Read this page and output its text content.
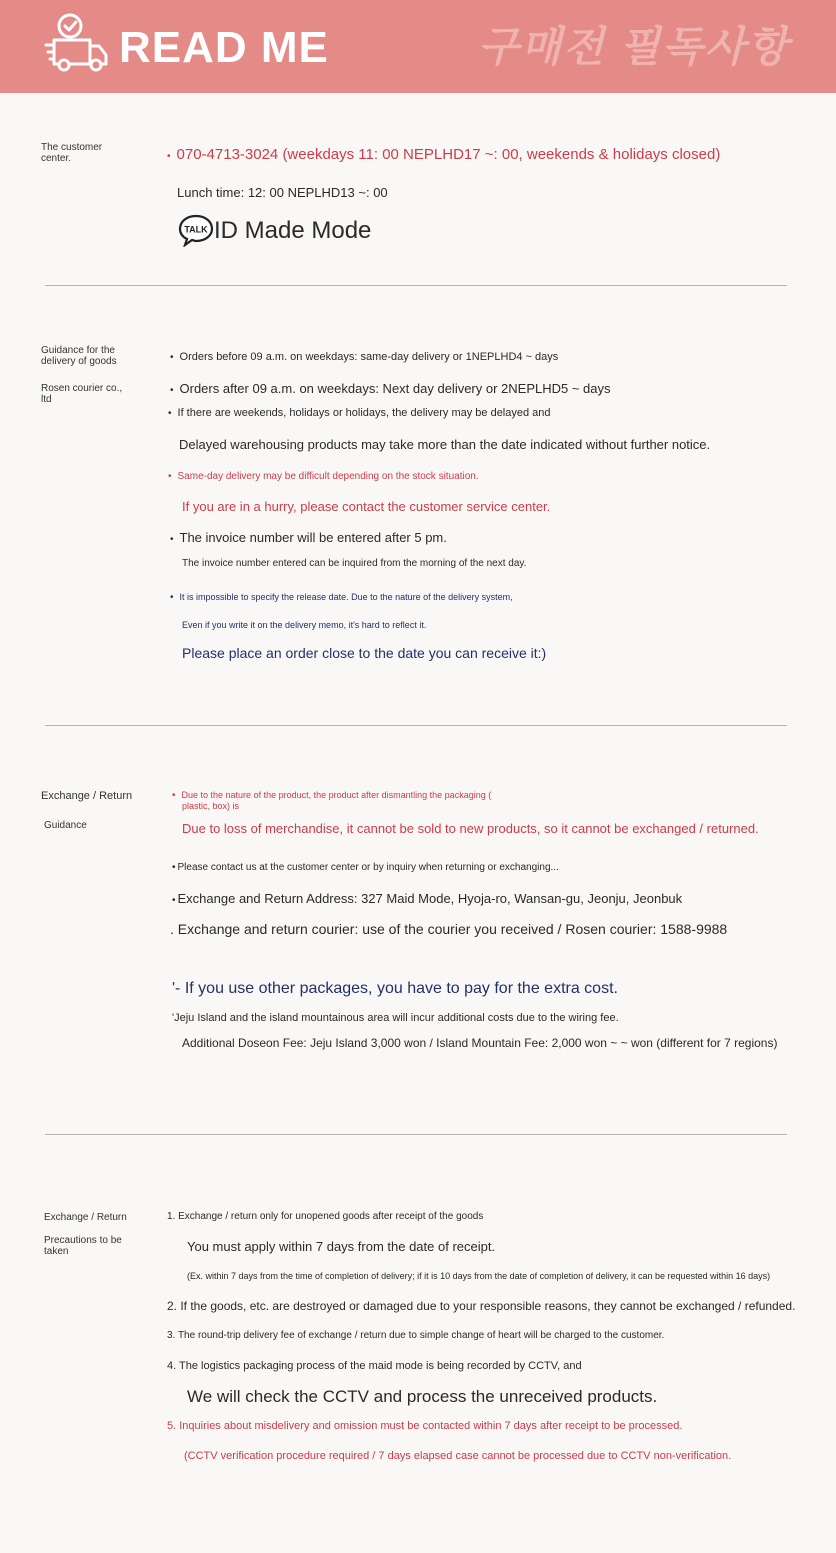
READ ME	구매전 필독사항
The customer center.	• 070-4713-3024 (weekdays 11: 00 NEPLHD17 ~: 00, weekends & holidays closed)
Lunch time: 12: 00 NEPLHD13 ~: 00
TALK ID Made Mode
Guidance for the delivery of goods
Rosen courier co., ltd
• Orders before 09 a.m. on weekdays: same-day delivery or 1NEPLHD4 ~ days
• Orders after 09 a.m. on weekdays: Next day delivery or 2NEPLHD5 ~ days
• If there are weekends, holidays or holidays, the delivery may be delayed and
Delayed warehousing products may take more than the date indicated without further notice.
• Same-day delivery may be difficult depending on the stock situation.
If you are in a hurry, please contact the customer service center.
• The invoice number will be entered after 5 pm.
The invoice number entered can be inquired from the morning of the next day.
• It is impossible to specify the release date. Due to the nature of the delivery system,
Even if you write it on the delivery memo, it's hard to reflect it.
Please place an order close to the date you can receive it:)
Exchange / Return
Guidance
• Due to the nature of the product, the product after dismantling the packaging (
plastic, box) is
Due to loss of merchandise, it cannot be sold to new products, so it cannot be exchanged / returned.
• Please contact us at the customer center or by inquiry when returning or exchanging...
• Exchange and Return Address: 327 Maid Mode, Hyoja-ro, Wansan-gu, Jeonju, Jeonbuk
. Exchange and return courier: use of the courier you received / Rosen courier: 1588-9988
'- If you use other packages, you have to pay for the extra cost.
'Jeju Island and the island mountainous area will incur additional costs due to the wiring fee.
Additional Doseon Fee: Jeju Island 3,000 won / Island Mountain Fee: 2,000 won ~ ~ won (different for 7 regions)
Exchange / Return
Precautions to be taken
1. Exchange / return only for unopened goods after receipt of the goods
You must apply within 7 days from the date of receipt.
(Ex. within 7 days from the time of completion of delivery; if it is 10 days from the date of completion of delivery, it can be requested within 16 days)
2. If the goods, etc. are destroyed or damaged due to your responsible reasons, they cannot be exchanged / refunded.
3. The round-trip delivery fee of exchange / return due to simple change of heart will be charged to the customer.
4. The logistics packaging process of the maid mode is being recorded by CCTV, and
We will check the CCTV and process the unreceived products.
5. Inquiries about misdelivery and omission must be contacted within 7 days after receipt to be processed.
(CCTV verification procedure required / 7 days elapsed case cannot be processed due to CCTV non-verification.
